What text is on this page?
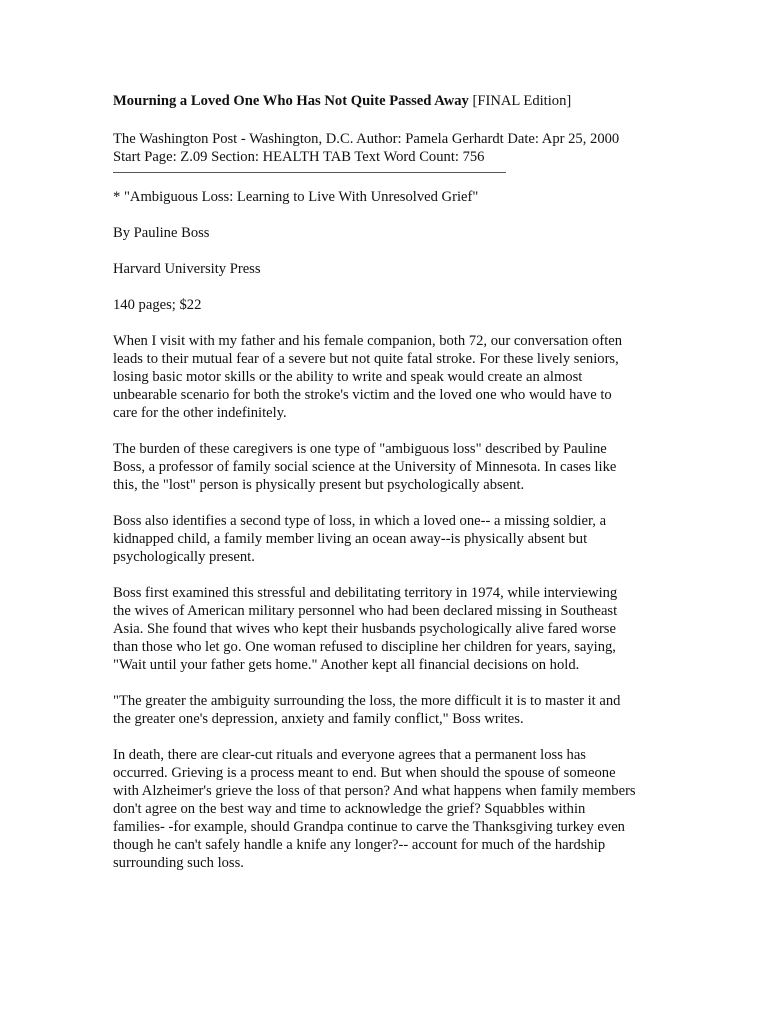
Mourning a Loved One Who Has Not Quite Passed Away [FINAL Edition]
The Washington Post - Washington, D.C. Author: Pamela Gerhardt Date: Apr 25, 2000
Start Page: Z.09 Section: HEALTH TAB Text Word Count: 756
* "Ambiguous Loss: Learning to Live With Unresolved Grief"
By Pauline Boss
Harvard University Press
140 pages; $22
When I visit with my father and his female companion, both 72, our conversation often
leads to their mutual fear of a severe but not quite fatal stroke. For these lively seniors,
losing basic motor skills or the ability to write and speak would create an almost
unbearable scenario for both the stroke's victim and the loved one who would have to
care for the other indefinitely.
The burden of these caregivers is one type of "ambiguous loss" described by Pauline
Boss, a professor of family social science at the University of Minnesota. In cases like
this, the "lost" person is physically present but psychologically absent.
Boss also identifies a second type of loss, in which a loved one-- a missing soldier, a
kidnapped child, a family member living an ocean away--is physically absent but
psychologically present.
Boss first examined this stressful and debilitating territory in 1974, while interviewing
the wives of American military personnel who had been declared missing in Southeast
Asia. She found that wives who kept their husbands psychologically alive fared worse
than those who let go. One woman refused to discipline her children for years, saying,
"Wait until your father gets home." Another kept all financial decisions on hold.
"The greater the ambiguity surrounding the loss, the more difficult it is to master it and
the greater one's depression, anxiety and family conflict," Boss writes.
In death, there are clear-cut rituals and everyone agrees that a permanent loss has
occurred. Grieving is a process meant to end. But when should the spouse of someone
with Alzheimer's grieve the loss of that person? And what happens when family members
don't agree on the best way and time to acknowledge the grief? Squabbles within
families- -for example, should Grandpa continue to carve the Thanksgiving turkey even
though he can't safely handle a knife any longer?-- account for much of the hardship
surrounding such loss.
